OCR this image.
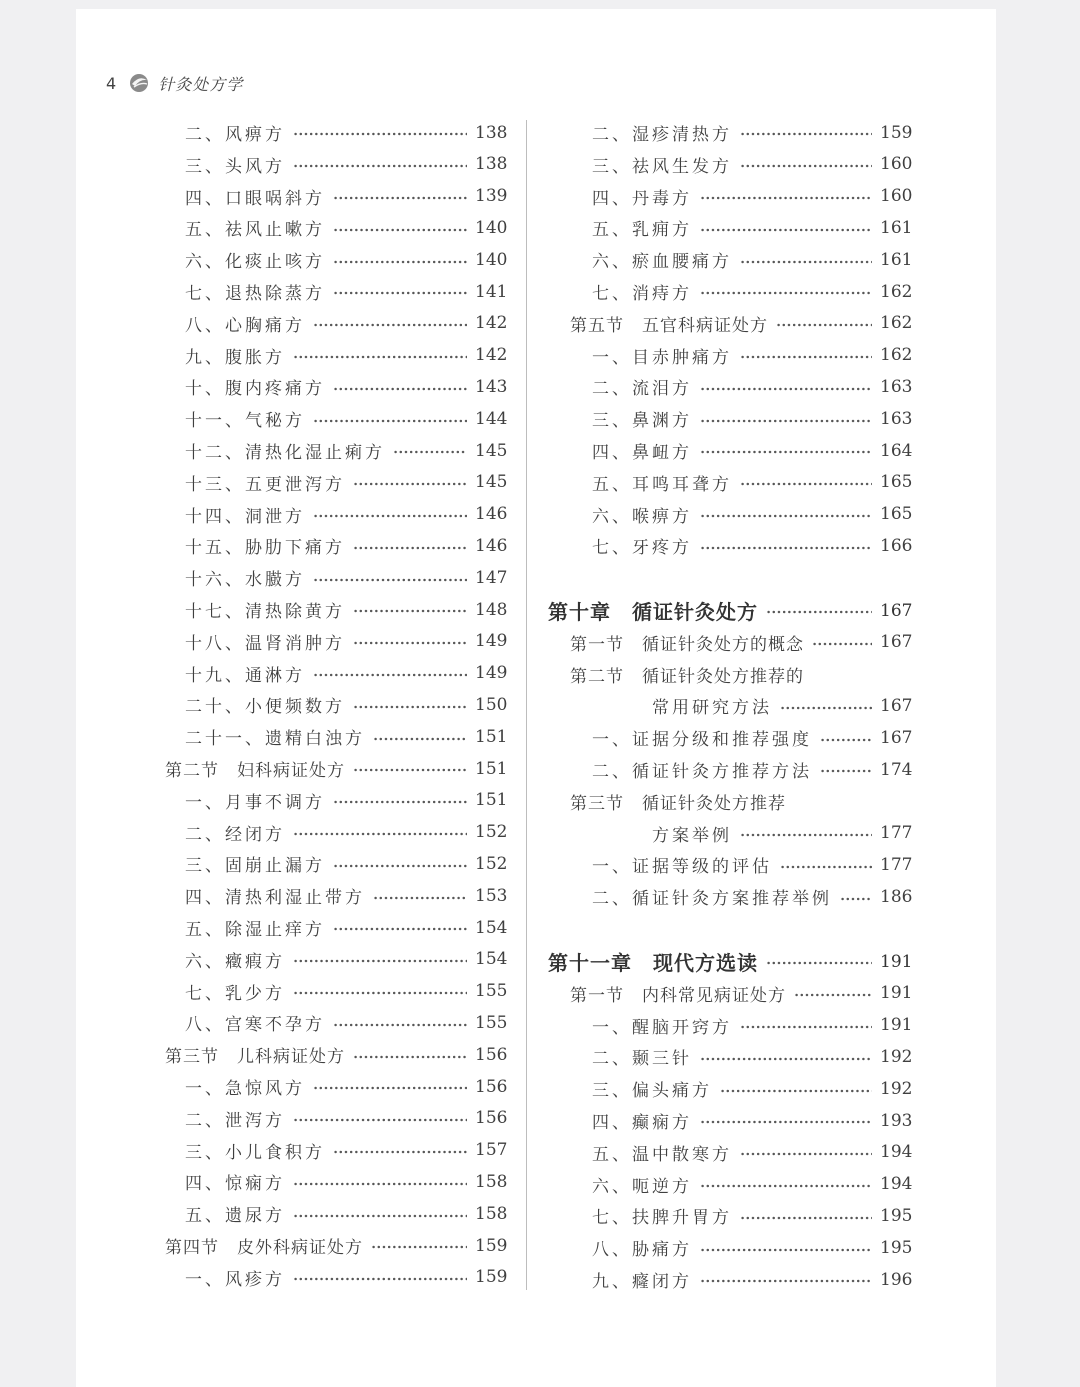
4	针灸处方学
二、风痹方	138
三、头风方	138
四、口眼㖞斜方	139
五、祛风止嗽方	140
六、化痰止咳方	140
七、退热除蒸方	141
八、心胸痛方	142
九、腹胀方	142
十、腹内疼痛方	143
十一、气秘方	144
十二、清热化湿止痢方	145
十三、五更泄泻方	145
十四、洞泄方	146
十五、胁肋下痛方	146
十六、水臌方	147
十七、清热除黄方	148
十八、温肾消肿方	149
十九、通淋方	149
二十、小便频数方	150
二十一、遗精白浊方	151
第二节　妇科病证处方	151
一、月事不调方	151
二、经闭方	152
三、固崩止漏方	152
四、清热利湿止带方	153
五、除湿止痒方	154
六、癥瘕方	154
七、乳少方	155
八、宫寒不孕方	155
第三节　儿科病证处方	156
一、急惊风方	156
二、泄泻方	156
三、小儿食积方	157
四、惊痫方	158
五、遗尿方	158
第四节　皮外科病证处方	159
一、风疹方	159
二、湿疹清热方	159
三、祛风生发方	160
四、丹毒方	160
五、乳痈方	161
六、瘀血腰痛方	161
七、消痔方	162
第五节　五官科病证处方	162
一、目赤肿痛方	162
二、流泪方	163
三、鼻渊方	163
四、鼻衄方	164
五、耳鸣耳聋方	165
六、喉痹方	165
七、牙疼方	166
第十章　循证针灸处方	167
第一节　循证针灸处方的概念	167
第二节　循证针灸处方推荐的
常用研究方法	167
一、证据分级和推荐强度	167
二、循证针灸方推荐方法	174
第三节　循证针灸处方推荐
方案举例	177
一、证据等级的评估	177
二、循证针灸方案推荐举例	186
第十一章　现代方选读	191
第一节　内科常见病证处方	191
一、醒脑开窍方	191
二、颞三针	192
三、偏头痛方	192
四、癫痫方	193
五、温中散寒方	194
六、呃逆方	194
七、扶脾升胃方	195
八、胁痛方	195
九、癃闭方	196
